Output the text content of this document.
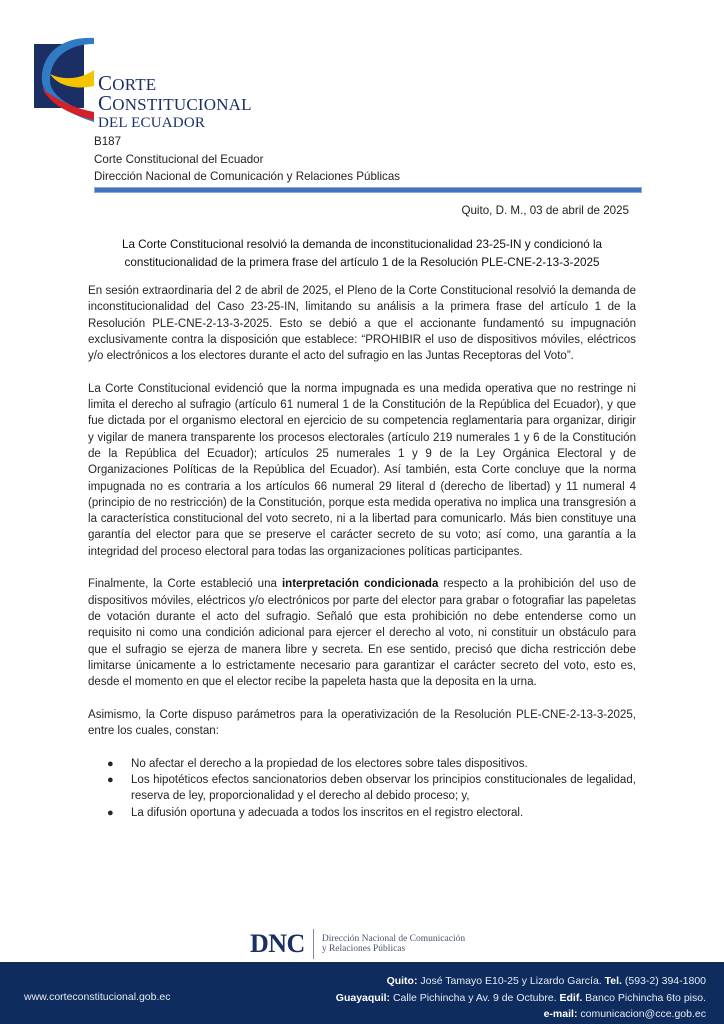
CORTE
CONSTITUCIONAL
DEL ECUADOR
B187
Corte Constitucional del Ecuador
Dirección Nacional de Comunicación y Relaciones Públicas
Quito, D. M., 03 de abril de 2025
La Corte Constitucional resolvió la demanda de inconstitucionalidad 23-25-IN y condicionó la
constitucionalidad de la primera frase del artículo 1 de la Resolución PLE-CNE-2-13-3-2025

En sesión extraordinaria del 2 de abril de 2025, el Pleno de la Corte Constitucional resolvió la demanda de inconstitucionalidad del Caso 23-25-IN, limitando su análisis a la primera frase del artículo 1 de la Resolución PLE-CNE-2-13-3-2025. Esto se debió a que el accionante fundamentó su impugnación exclusivamente contra la disposición que establece: “PROHIBIR el uso de dispositivos móviles, eléctricos y/o electrónicos a los electores durante el acto del sufragio en las Juntas Receptoras del Voto”.

La Corte Constitucional evidenció que la norma impugnada es una medida operativa que no restringe ni limita el derecho al sufragio (artículo 61 numeral 1 de la Constitución de la República del Ecuador), y que fue dictada por el organismo electoral en ejercicio de su competencia reglamentaria para organizar, dirigir y vigilar de manera transparente los procesos electorales (artículo 219 numerales 1 y 6 de la Constitución de la República del Ecuador); artículos 25 numerales 1 y 9 de la Ley Orgánica Electoral y de Organizaciones Políticas de la República del Ecuador). Así también, esta Corte concluye que la norma impugnada no es contraria a los artículos 66 numeral 29 literal d (derecho de libertad) y 11 numeral 4 (principio de no restricción) de la Constitución, porque esta medida operativa no implica una transgresión a la característica constitucional del voto secreto, ni a la libertad para comunicarlo. Más bien constituye una garantía del elector para que se preserve el carácter secreto de su voto; así como, una garantía a la integridad del proceso electoral para todas las organizaciones políticas participantes.

Finalmente, la Corte estableció una interpretación condicionada respecto a la prohibición del uso de dispositivos móviles, eléctricos y/o electrónicos por parte del elector para grabar o fotografiar las papeletas de votación durante el acto del sufragio. Señaló que esta prohibición no debe entenderse como un requisito ni como una condición adicional para ejercer el derecho al voto, ni constituir un obstáculo para que el sufragio se ejerza de manera libre y secreta. En ese sentido, precisó que dicha restricción debe limitarse únicamente a lo estrictamente necesario para garantizar el carácter secreto del voto, esto es, desde el momento en que el elector recibe la papeleta hasta que la deposita en la urna.

Asimismo, la Corte dispuso parámetros para la operativización de la Resolución PLE-CNE-2-13-3-2025, entre los cuales, constan:

● No afectar el derecho a la propiedad de los electores sobre tales dispositivos.
● Los hipotéticos efectos sancionatorios deben observar los principios constitucionales de legalidad, reserva de ley, proporcionalidad y el derecho al debido proceso; y,
● La difusión oportuna y adecuada a todos los inscritos en el registro electoral.
DNC Dirección Nacional de Comunicación
y Relaciones Públicas
www.corteconstitucional.gob.ec
Quito: José Tamayo E10-25 y Lizardo García. Tel. (593-2) 394-1800
Guayaquil: Calle Pichincha y Av. 9 de Octubre. Edif. Banco Pichincha 6to piso.
e-mail: comunicacion@cce.gob.ec
